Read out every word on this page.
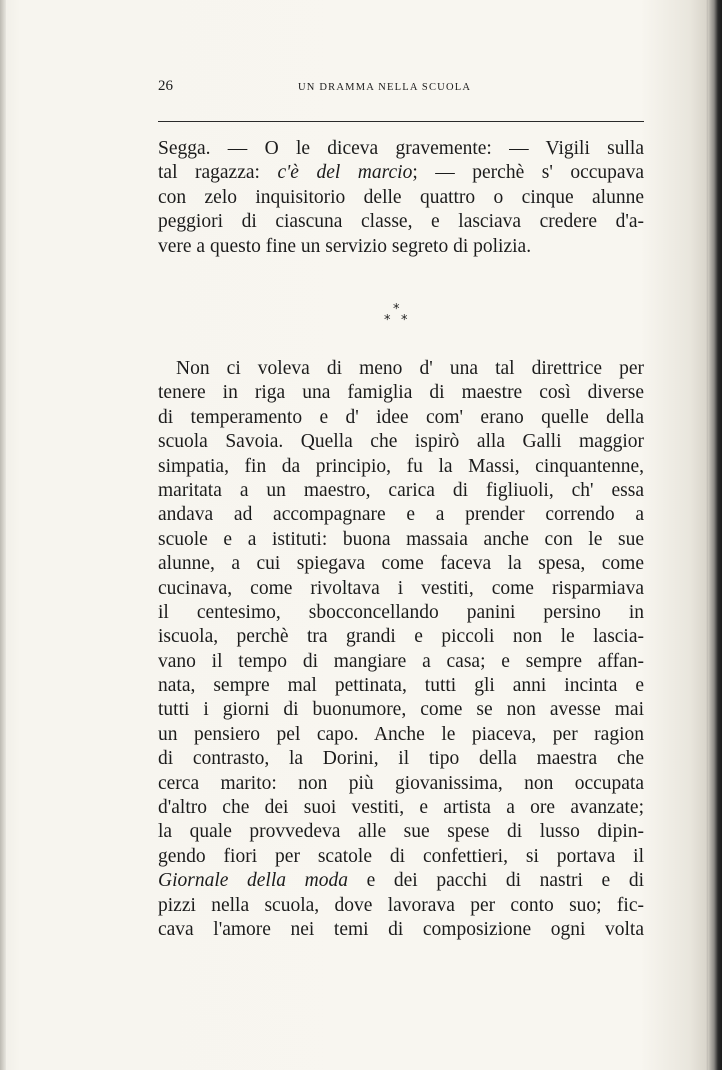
26	UN DRAMMA NELLA SCUOLA
Segga. — O le diceva gravemente: — Vigili sulla
tal ragazza: c'è del marcio; — perchè s' occupava
con zelo inquisitorio delle quattro o cinque alunne
peggiori di ciascuna classe, e lasciava credere d'a-
vere a questo fine un servizio segreto di polizia.
*
* *
Non ci voleva di meno d' una tal direttrice per
tenere in riga una famiglia di maestre così diverse
di temperamento e d' idee com' erano quelle della
scuola Savoia. Quella che ispirò alla Galli maggior
simpatia, fin da principio, fu la Massi, cinquantenne,
maritata a un maestro, carica di figliuoli, ch' essa
andava ad accompagnare e a prender correndo a
scuole e a istituti: buona massaia anche con le sue
alunne, a cui spiegava come faceva la spesa, come
cucinava, come rivoltava i vestiti, come risparmiava
il centesimo, sbocconcellando panini persino in
iscuola, perchè tra grandi e piccoli non le lascia-
vano il tempo di mangiare a casa; e sempre affan-
nata, sempre mal pettinata, tutti gli anni incinta e
tutti i giorni di buonumore, come se non avesse mai
un pensiero pel capo. Anche le piaceva, per ragion
di contrasto, la Dorini, il tipo della maestra che
cerca marito: non più giovanissima, non occupata
d'altro che dei suoi vestiti, e artista a ore avanzate;
la quale provvedeva alle sue spese di lusso dipin-
gendo fiori per scatole di confettieri, si portava il
Giornale della moda e dei pacchi di nastri e di
pizzi nella scuola, dove lavorava per conto suo; fic-
cava l'amore nei temi di composizione ogni volta
